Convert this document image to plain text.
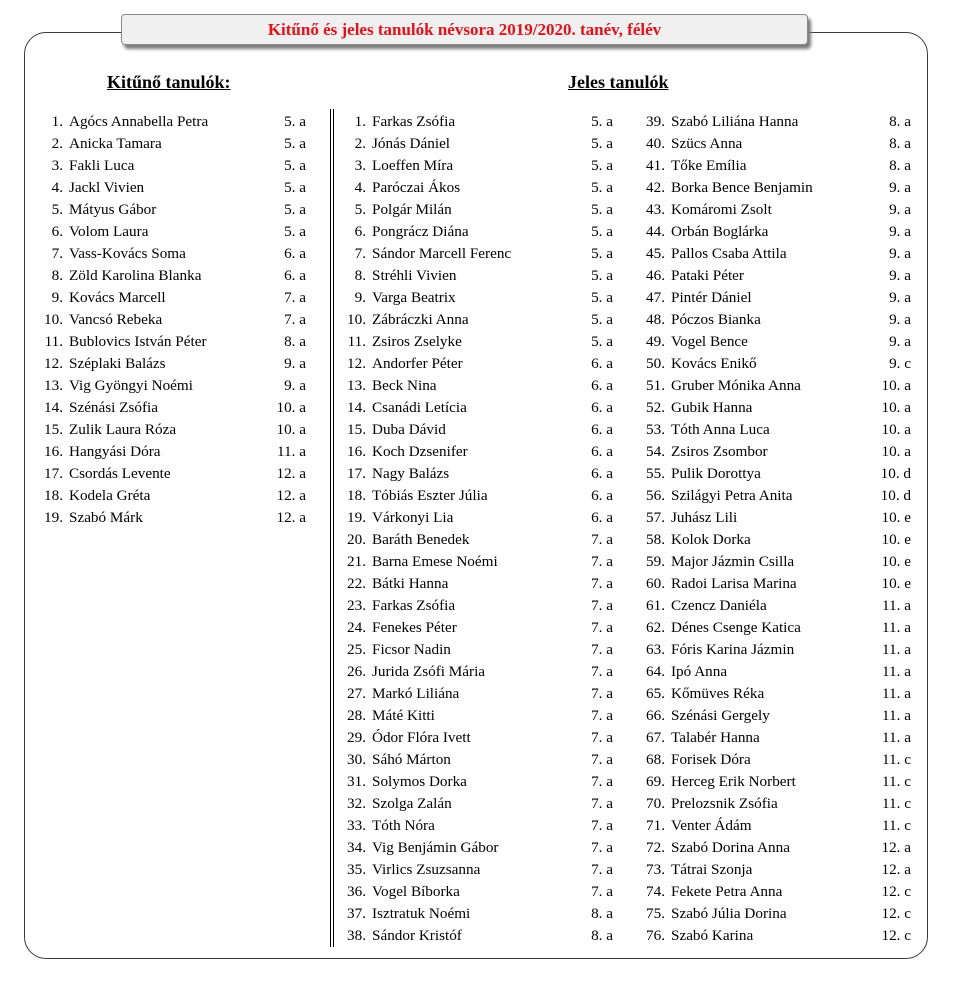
Kitűnő és jeles tanulók névsora 2019/2020. tanév, félév
Kitűnő tanulók:	Jeles tanulók
1. Agócs Annabella Petra	5. a
2. Anicka Tamara	5. a
3. Fakli Luca	5. a
4. Jackl Vivien	5. a
5. Mátyus Gábor	5. a
6. Volom Laura	5. a
7. Vass-Kovács Soma	6. a
8. Zöld Karolina Blanka	6. a
9. Kovács Marcell	7. a
10. Vancsó Rebeka	7. a
11. Bublovics István Péter	8. a
12. Széplaki Balázs	9. a
13. Vig Gyöngyi Noémi	9. a
14. Szénási Zsófia	10. a
15. Zulik Laura Róza	10. a
16. Hangyási Dóra	11. a
17. Csordás Levente	12. a
18. Kodela Gréta	12. a
19. Szabó Márk	12. a
1. Farkas Zsófia	5. a
2. Jónás Dániel	5. a
3. Loeffen Míra	5. a
4. Paróczai Ákos	5. a
5. Polgár Milán	5. a
6. Pongrácz Diána	5. a
7. Sándor Marcell Ferenc	5. a
8. Stréhli Vivien	5. a
9. Varga Beatrix	5. a
10. Zábráczki Anna	5. a
11. Zsiros Zselyke	5. a
12. Andorfer Péter	6. a
13. Beck Nina	6. a
14. Csanádi Letícia	6. a
15. Duba Dávid	6. a
16. Koch Dzsenifer	6. a
17. Nagy Balázs	6. a
18. Tóbiás Eszter Júlia	6. a
19. Várkonyi Lia	6. a
20. Baráth Benedek	7. a
21. Barna Emese Noémi	7. a
22. Bátki Hanna	7. a
23. Farkas Zsófia	7. a
24. Fenekes Péter	7. a
25. Ficsor Nadin	7. a
26. Jurida Zsófi Mária	7. a
27. Markó Liliána	7. a
28. Máté Kitti	7. a
29. Ódor Flóra Ivett	7. a
30. Sáhó Márton	7. a
31. Solymos Dorka	7. a
32. Szolga Zalán	7. a
33. Tóth Nóra	7. a
34. Vig Benjámin Gábor	7. a
35. Virlics Zsuzsanna	7. a
36. Vogel Bíborka	7. a
37. Isztratuk Noémi	8. a
38. Sándor Kristóf	8. a
39. Szabó Liliána Hanna	8. a
40. Szücs Anna	8. a
41. Tőke Emília	8. a
42. Borka Bence Benjamin	9. a
43. Komáromi Zsolt	9. a
44. Orbán Boglárka	9. a
45. Pallos Csaba Attila	9. a
46. Pataki Péter	9. a
47. Pintér Dániel	9. a
48. Póczos Bianka	9. a
49. Vogel Bence	9. a
50. Kovács Enikő	9. c
51. Gruber Mónika Anna	10. a
52. Gubik Hanna	10. a
53. Tóth Anna Luca	10. a
54. Zsiros Zsombor	10. a
55. Pulik Dorottya	10. d
56. Szilágyi Petra Anita	10. d
57. Juhász Lili	10. e
58. Kolok Dorka	10. e
59. Major Jázmin Csilla	10. e
60. Radoi Larisa Marina	10. e
61. Czencz Daniéla	11. a
62. Dénes Csenge Katica	11. a
63. Fóris Karina Jázmin	11. a
64. Ipó Anna	11. a
65. Kőmüves Réka	11. a
66. Szénási Gergely	11. a
67. Talabér Hanna	11. a
68. Forisek Dóra	11. c
69. Herceg Erik Norbert	11. c
70. Prelozsnik Zsófia	11. c
71. Venter Ádám	11. c
72. Szabó Dorina Anna	12. a
73. Tátrai Szonja	12. a
74. Fekete Petra Anna	12. c
75. Szabó Júlia Dorina	12. c
76. Szabó Karina	12. c
